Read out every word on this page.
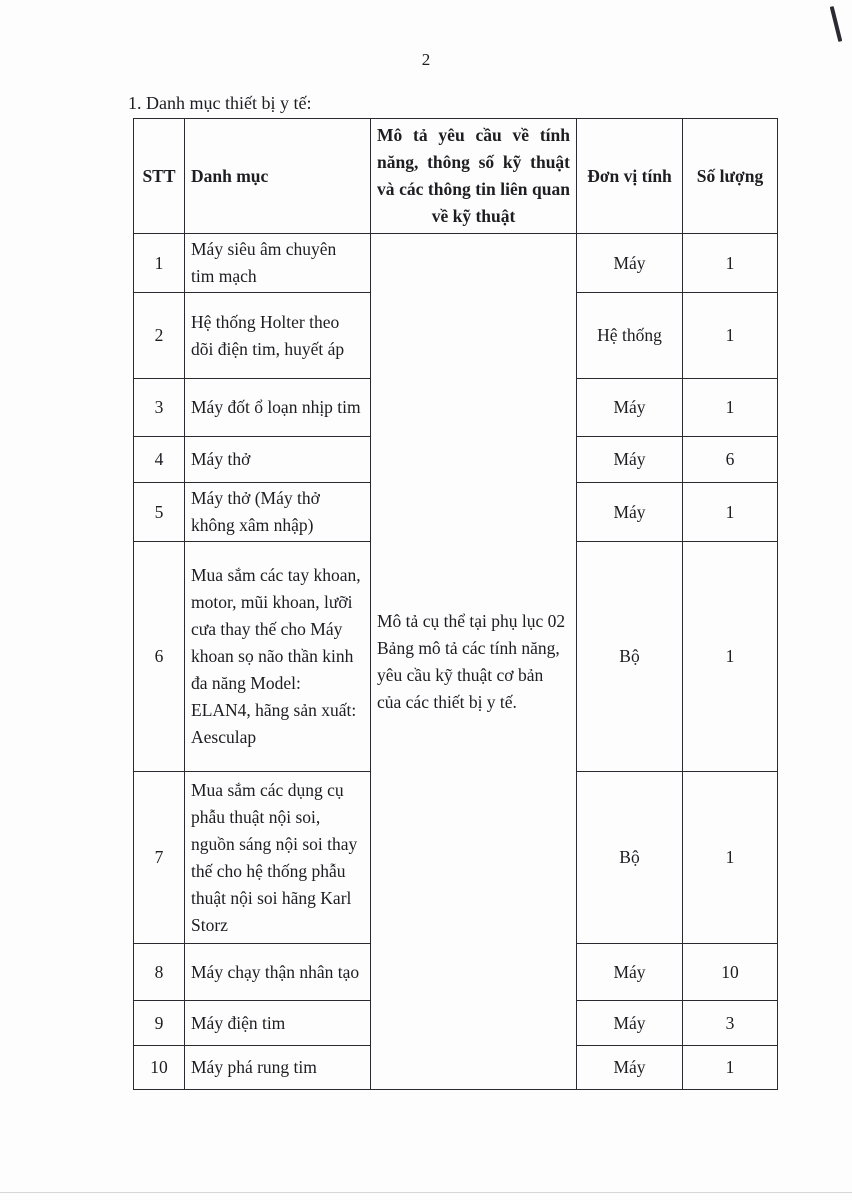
2
1. Danh mục thiết bị y tế:
STT	Danh mục	Mô tả yêu cầu về tính năng, thông số kỹ thuật và các thông tin liên quan về kỹ thuật	Đơn vị tính	Số lượng
1	Máy siêu âm chuyên tim mạch	Mô tả cụ thể tại phụ lục 02 Bảng mô tả các tính năng, yêu cầu kỹ thuật cơ bản của các thiết bị y tế.	Máy	1
2	Hệ thống Holter theo dõi điện tim, huyết áp		Hệ thống	1
3	Máy đốt ổ loạn nhịp tim		Máy	1
4	Máy thở		Máy	6
5	Máy thở (Máy thở không xâm nhập)		Máy	1
6	Mua sắm các tay khoan, motor, mũi khoan, lưỡi cưa thay thế cho Máy khoan sọ não thần kinh đa năng Model: ELAN4, hãng sản xuất: Aesculap		Bộ	1
7	Mua sắm các dụng cụ phẫu thuật nội soi, nguồn sáng nội soi thay thế cho hệ thống phẫu thuật nội soi hãng Karl Storz		Bộ	1
8	Máy chạy thận nhân tạo		Máy	10
9	Máy điện tim		Máy	3
10	Máy phá rung tim		Máy	1
